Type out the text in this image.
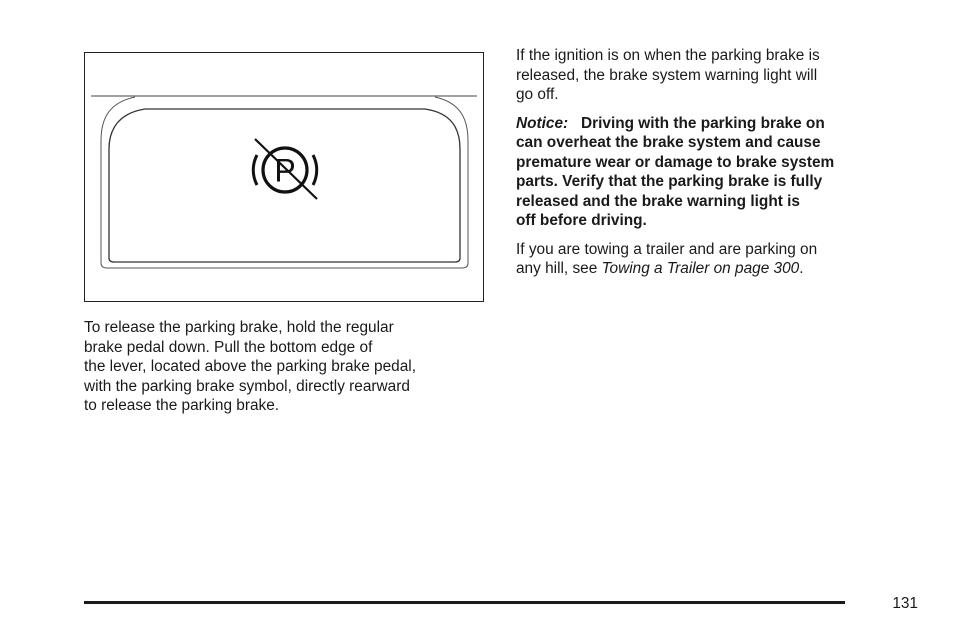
P

To release the parking brake, hold the regular
brake pedal down. Pull the bottom edge of
the lever, located above the parking brake pedal,
with the parking brake symbol, directly rearward
to release the parking brake.

If the ignition is on when the parking brake is
released, the brake system warning light will
go off.

Notice: Driving with the parking brake on
can overheat the brake system and cause
premature wear or damage to brake system
parts. Verify that the parking brake is fully
released and the brake warning light is
off before driving.

If you are towing a trailer and are parking on
any hill, see Towing a Trailer on page 300.

131
